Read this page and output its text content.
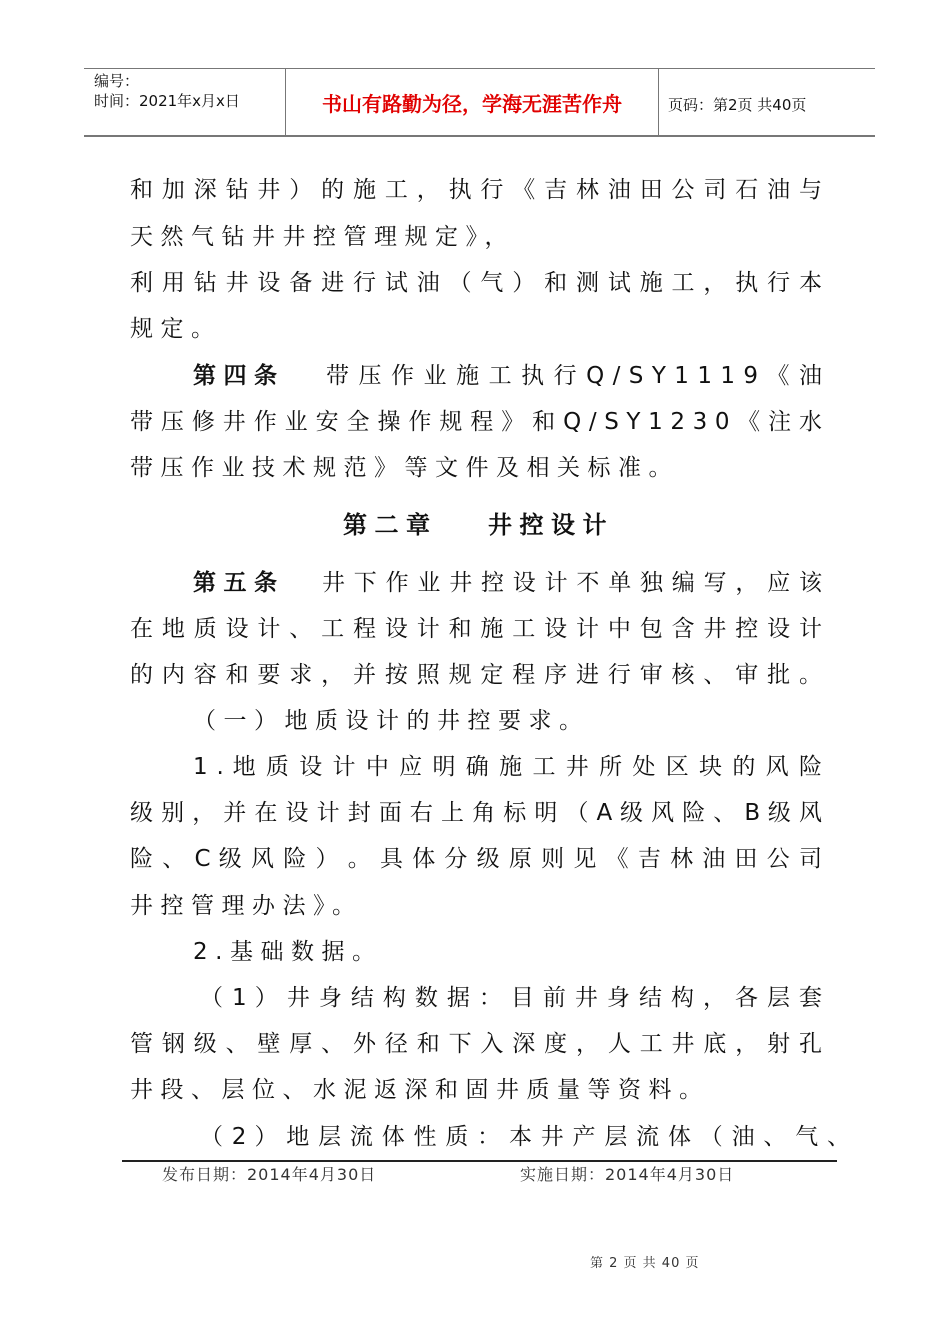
编号：
时间：2021年x月x日	书山有路勤为径，学海无涯苦作舟	页码：第2页 共40页
和 加 深 钻 井 ） 的 施 工 ， 执 行 《 吉 林 油 田 公 司 石 油 与
天然气钻井井控管理规定》，
利 用 钻 井 设 备 进 行 试 油 （ 气 ） 和 测 试 施 工 ， 执 行 本
规定。
第四条 带 压 作 业 施 工 执 行 Q / S Y 1 1 1 9 《 油
带 压 修 井 作 业 安 全 操 作 规 程 》 和 Q / S Y 1 2 3 0 《 注 水
带压作业技术规范》等文件及相关标准。
第二章 井控设计
第五条 井 下 作 业 井 控 设 计 不 单 独 编 写 ， 应 该
在 地 质 设 计 、 工 程 设 计 和 施 工 设 计 中 包 含 井 控 设 计
的 内 容 和 要 求 ， 并 按 照 规 定 程 序 进 行 审 核 、 审 批 。
（一）地质设计的井控要求。
1 . 地 质 设 计 中 应 明 确 施 工 井 所 处 区 块 的 风 险
级 别 ， 并 在 设 计 封 面 右 上 角 标 明 （ A 级 风 险 、 B 级 风
险 、 C 级 风 险 ） 。 具 体 分 级 原 则 见 《 吉 林 油 田 公 司
井控管理办法》。
2.基础数据。
（ 1 ） 井 身 结 构 数 据 ： 目 前 井 身 结 构 ， 各 层 套
管 钢 级 、 壁 厚 、 外 径 和 下 入 深 度 ， 人 工 井 底 ， 射 孔
井段、层位、水泥返深和固井质量等资料。
（ 2 ） 地 层 流 体 性 质 ： 本 井 产 层 流 体 （ 油 、 气 、
发布日期：2014年4月30日	实施日期：2014年4月30日
第 2 页 共 40 页
